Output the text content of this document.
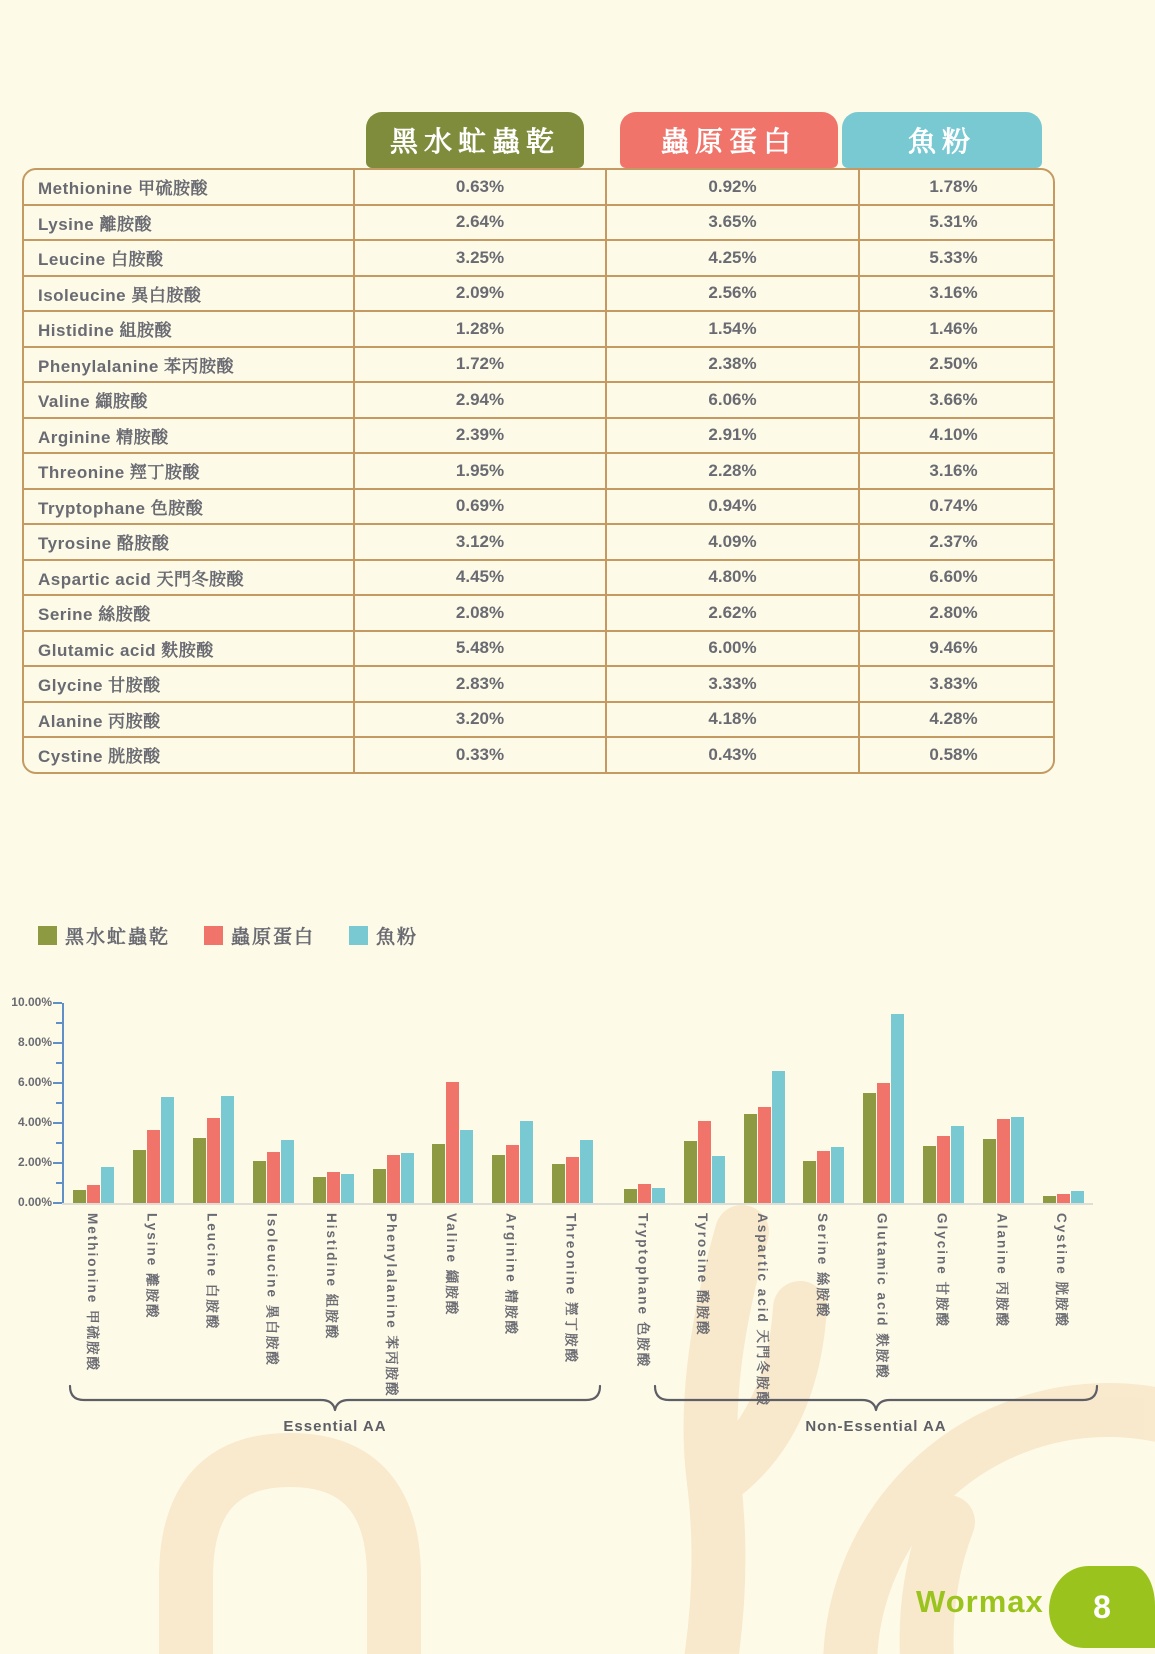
黑水虻蟲乾	蟲原蛋白	魚粉
Methionine 甲硫胺酸	0.63%	0.92%	1.78%
Lysine 離胺酸	2.64%	3.65%	5.31%
Leucine 白胺酸	3.25%	4.25%	5.33%
Isoleucine 異白胺酸	2.09%	2.56%	3.16%
Histidine 組胺酸	1.28%	1.54%	1.46%
Phenylalanine 苯丙胺酸	1.72%	2.38%	2.50%
Valine 纈胺酸	2.94%	6.06%	3.66%
Arginine 精胺酸	2.39%	2.91%	4.10%
Threonine 羥丁胺酸	1.95%	2.28%	3.16%
Tryptophane 色胺酸	0.69%	0.94%	0.74%
Tyrosine 酪胺酸	3.12%	4.09%	2.37%
Aspartic acid 天門冬胺酸	4.45%	4.80%	6.60%
Serine 絲胺酸	2.08%	2.62%	2.80%
Glutamic acid 麩胺酸	5.48%	6.00%	9.46%
Glycine 甘胺酸	2.83%	3.33%	3.83%
Alanine 丙胺酸	3.20%	4.18%	4.28%
Cystine 胱胺酸	0.33%	0.43%	0.58%
黑水虻蟲乾	蟲原蛋白	魚粉
0.00%
2.00%
4.00%
6.00%
8.00%
10.00%
Methionine 甲硫胺酸	Lysine 離胺酸	Leucine 白胺酸	Isoleucine 異白胺酸	Histidine 組胺酸	Phenylalanine 苯丙胺酸	Valine 纈胺酸	Arginine 精胺酸	Threonine 羥丁胺酸	Tryptophane 色胺酸	Tyrosine 酪胺酸	Aspartic acid 天門冬胺酸	Serine 絲胺酸	Glutamic acid 麩胺酸	Glycine 甘胺酸	Alanine 丙胺酸	Cystine 胱胺酸
Essential AA	Non-Essential AA
Wormax 8
